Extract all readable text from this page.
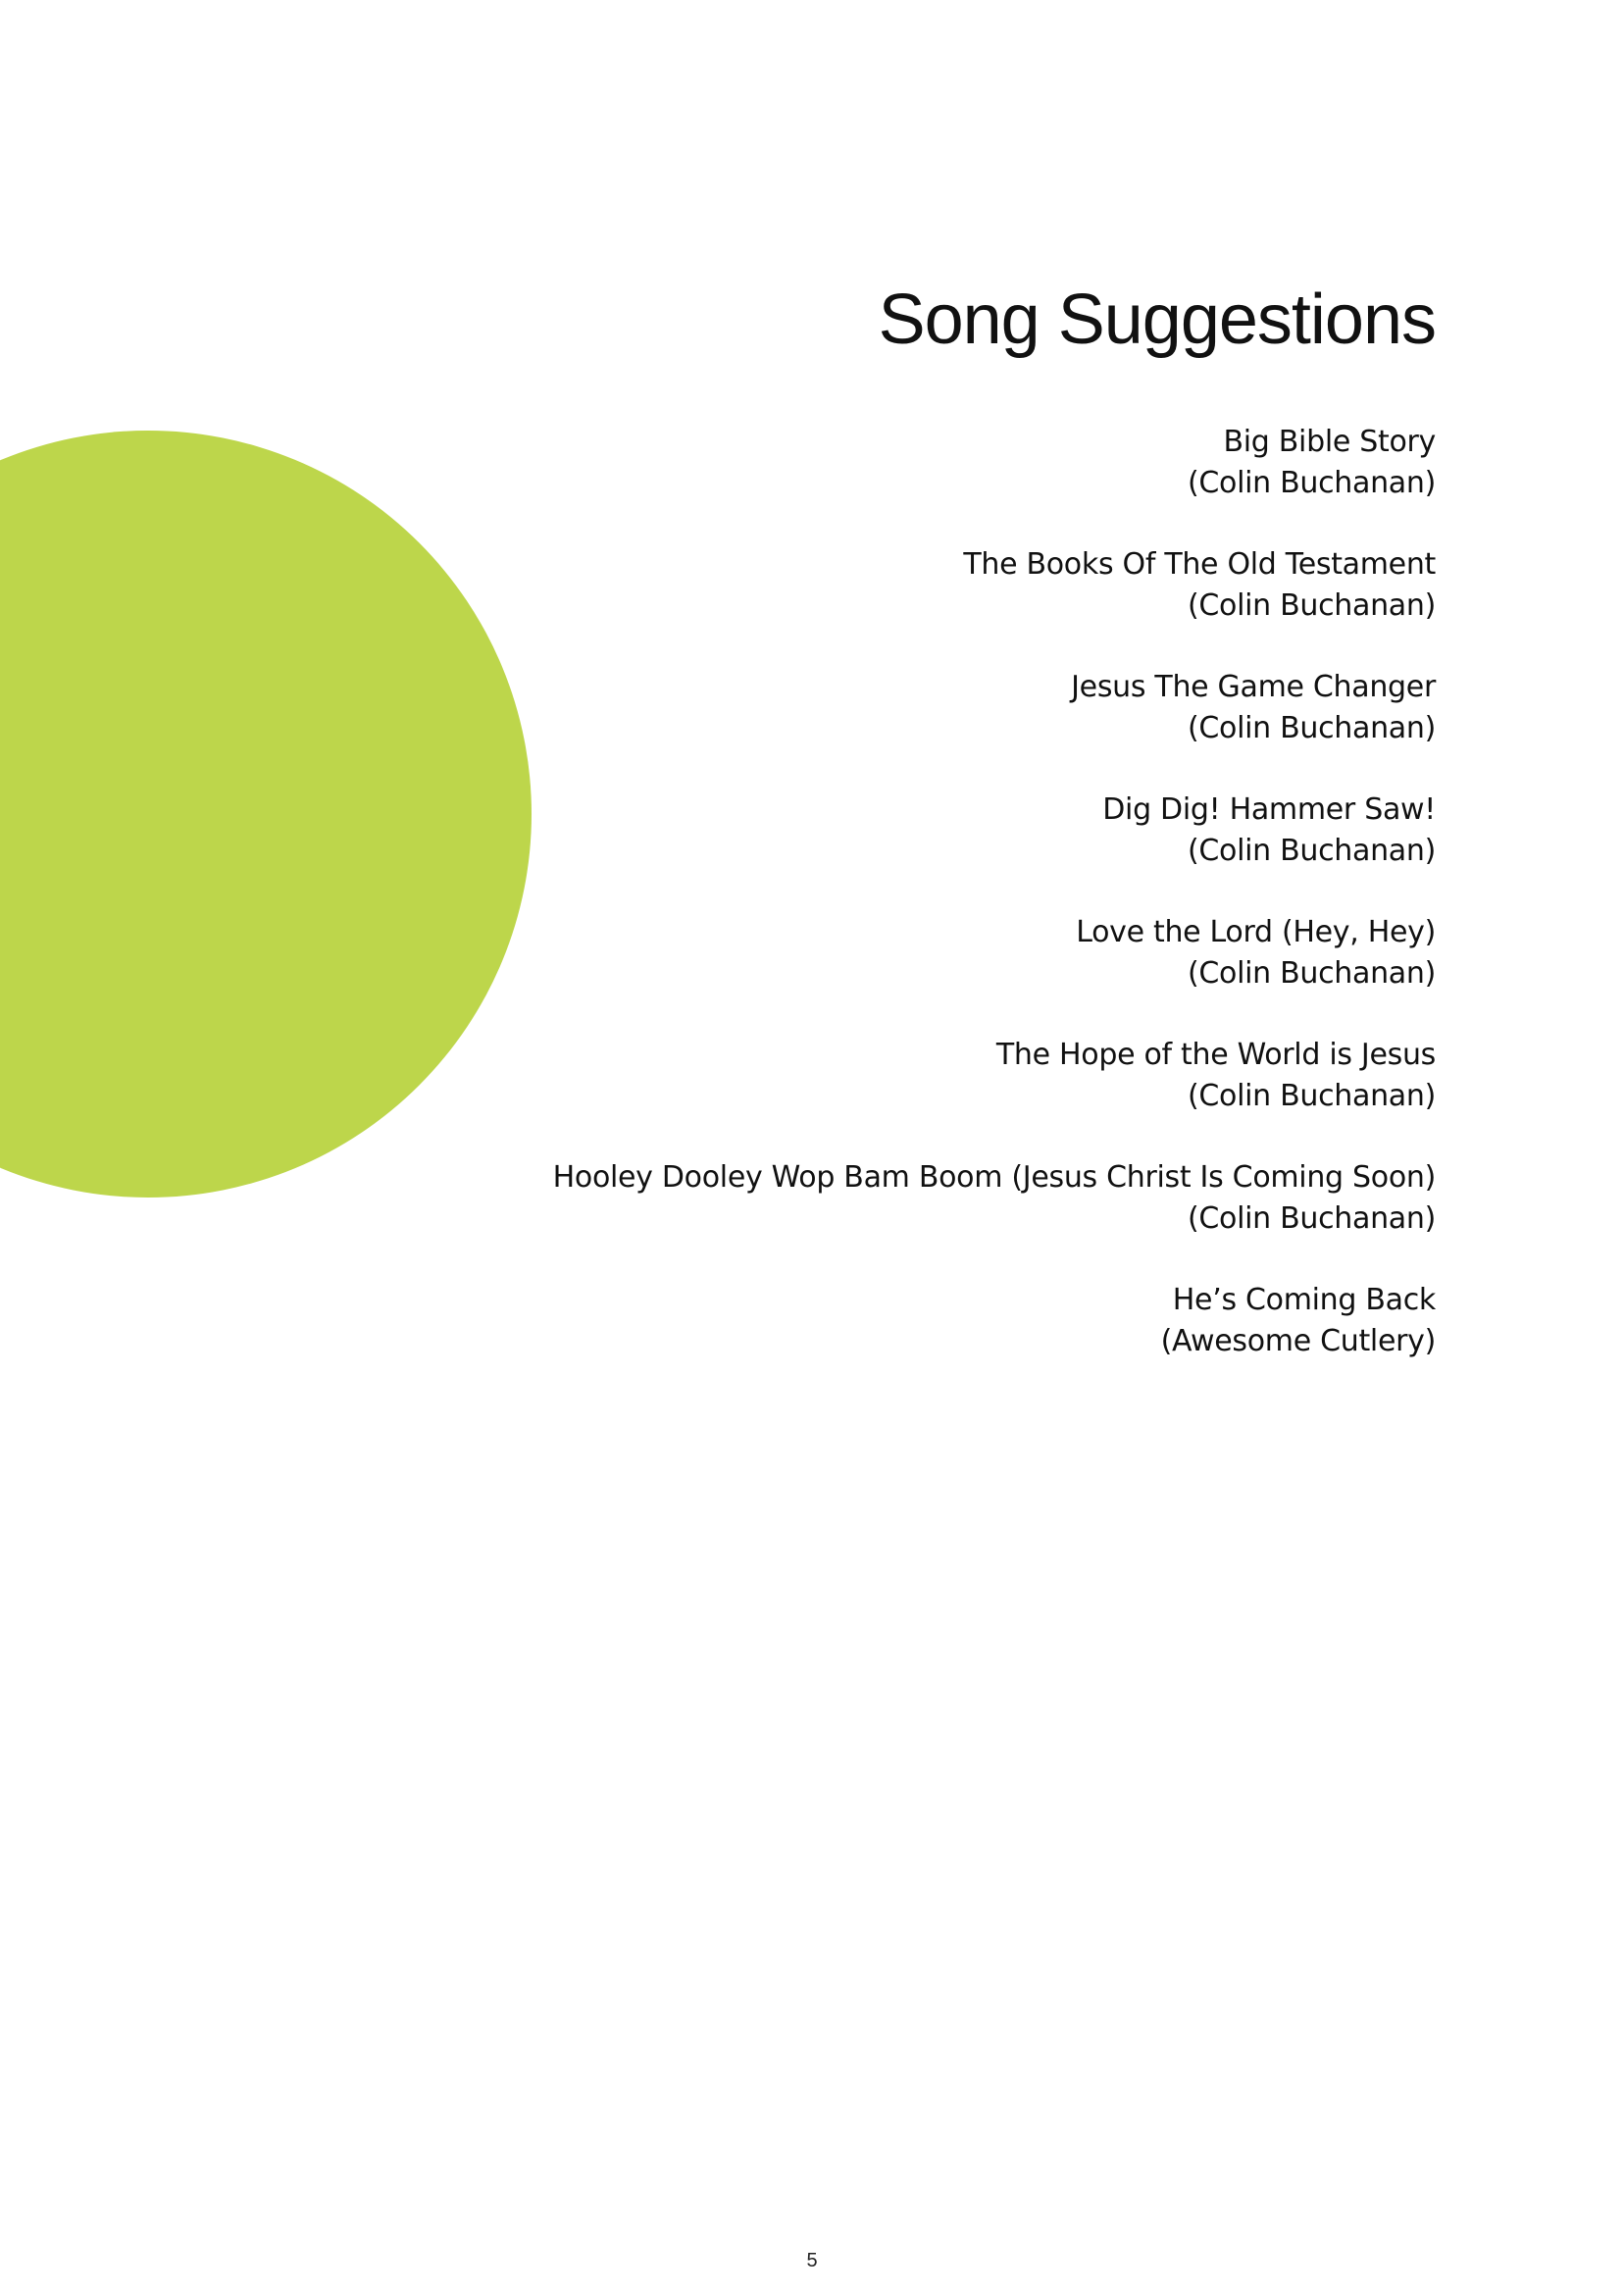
Song Suggestions
Big Bible Story
(Colin Buchanan)
The Books Of The Old Testament
(Colin Buchanan)
Jesus The Game Changer
(Colin Buchanan)
Dig Dig! Hammer Saw!
(Colin Buchanan)
Love the Lord (Hey, Hey)
(Colin Buchanan)
The Hope of the World is Jesus
(Colin Buchanan)
Hooley Dooley Wop Bam Boom (Jesus Christ Is Coming Soon)
(Colin Buchanan)
He’s Coming Back
(Awesome Cutlery)
5
